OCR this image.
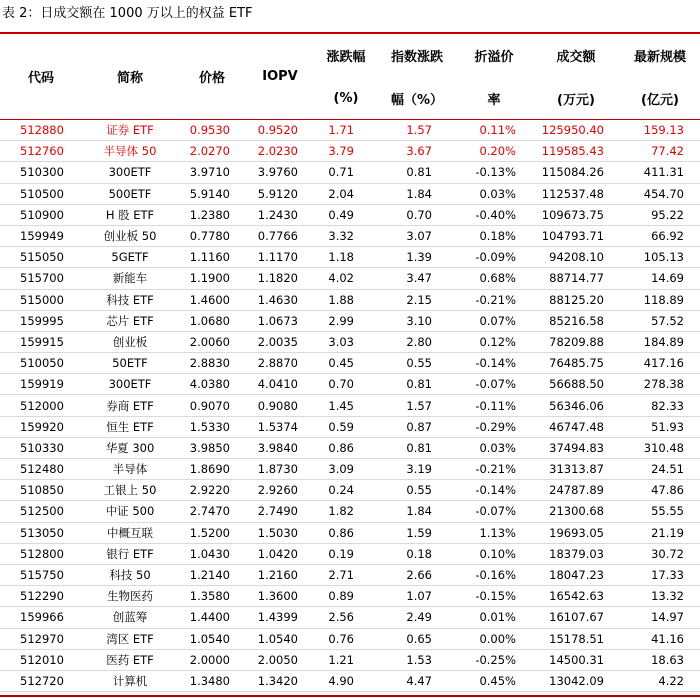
表 2：日成交额在 1000 万以上的权益 ETF
代码	简称	价格	IOPV	涨跌幅	指数涨跌	折溢价	成交额	最新规模
				(%)	幅（%）	率	(万元)	(亿元)
512880	证券 ETF	0.9530	0.9520	1.71	1.57	0.11%	125950.40	159.13
512760	半导体 50	2.0270	2.0230	3.79	3.67	0.20%	119585.43	77.42
510300	300ETF	3.9710	3.9760	0.71	0.81	-0.13%	115084.26	411.31
510500	500ETF	5.9140	5.9120	2.04	1.84	0.03%	112537.48	454.70
510900	H 股 ETF	1.2380	1.2430	0.49	0.70	-0.40%	109673.75	95.22
159949	创业板 50	0.7780	0.7766	3.32	3.07	0.18%	104793.71	66.92
515050	5GETF	1.1160	1.1170	1.18	1.39	-0.09%	94208.10	105.13
515700	新能车	1.1900	1.1820	4.02	3.47	0.68%	88714.77	14.69
515000	科技 ETF	1.4600	1.4630	1.88	2.15	-0.21%	88125.20	118.89
159995	芯片 ETF	1.0680	1.0673	2.99	3.10	0.07%	85216.58	57.52
159915	创业板	2.0060	2.0035	3.03	2.80	0.12%	78209.88	184.89
510050	50ETF	2.8830	2.8870	0.45	0.55	-0.14%	76485.75	417.16
159919	300ETF	4.0380	4.0410	0.70	0.81	-0.07%	56688.50	278.38
512000	券商 ETF	0.9070	0.9080	1.45	1.57	-0.11%	56346.06	82.33
159920	恒生 ETF	1.5330	1.5374	0.59	0.87	-0.29%	46747.48	51.93
510330	华夏 300	3.9850	3.9840	0.86	0.81	0.03%	37494.83	310.48
512480	半导体	1.8690	1.8730	3.09	3.19	-0.21%	31313.87	24.51
510850	工银上 50	2.9220	2.9260	0.24	0.55	-0.14%	24787.89	47.86
512500	中证 500	2.7470	2.7490	1.82	1.84	-0.07%	21300.68	55.55
513050	中概互联	1.5200	1.5030	0.86	1.59	1.13%	19693.05	21.19
512800	银行 ETF	1.0430	1.0420	0.19	0.18	0.10%	18379.03	30.72
515750	科技 50	1.2140	1.2160	2.71	2.66	-0.16%	18047.23	17.33
512290	生物医药	1.3580	1.3600	0.89	1.07	-0.15%	16542.63	13.32
159966	创蓝筹	1.4400	1.4399	2.56	2.49	0.01%	16107.67	14.97
512970	湾区 ETF	1.0540	1.0540	0.76	0.65	0.00%	15178.51	41.16
512010	医药 ETF	2.0000	2.0050	1.21	1.53	-0.25%	14500.31	18.63
512720	计算机	1.3480	1.3420	4.90	4.47	0.45%	13042.09	4.22
